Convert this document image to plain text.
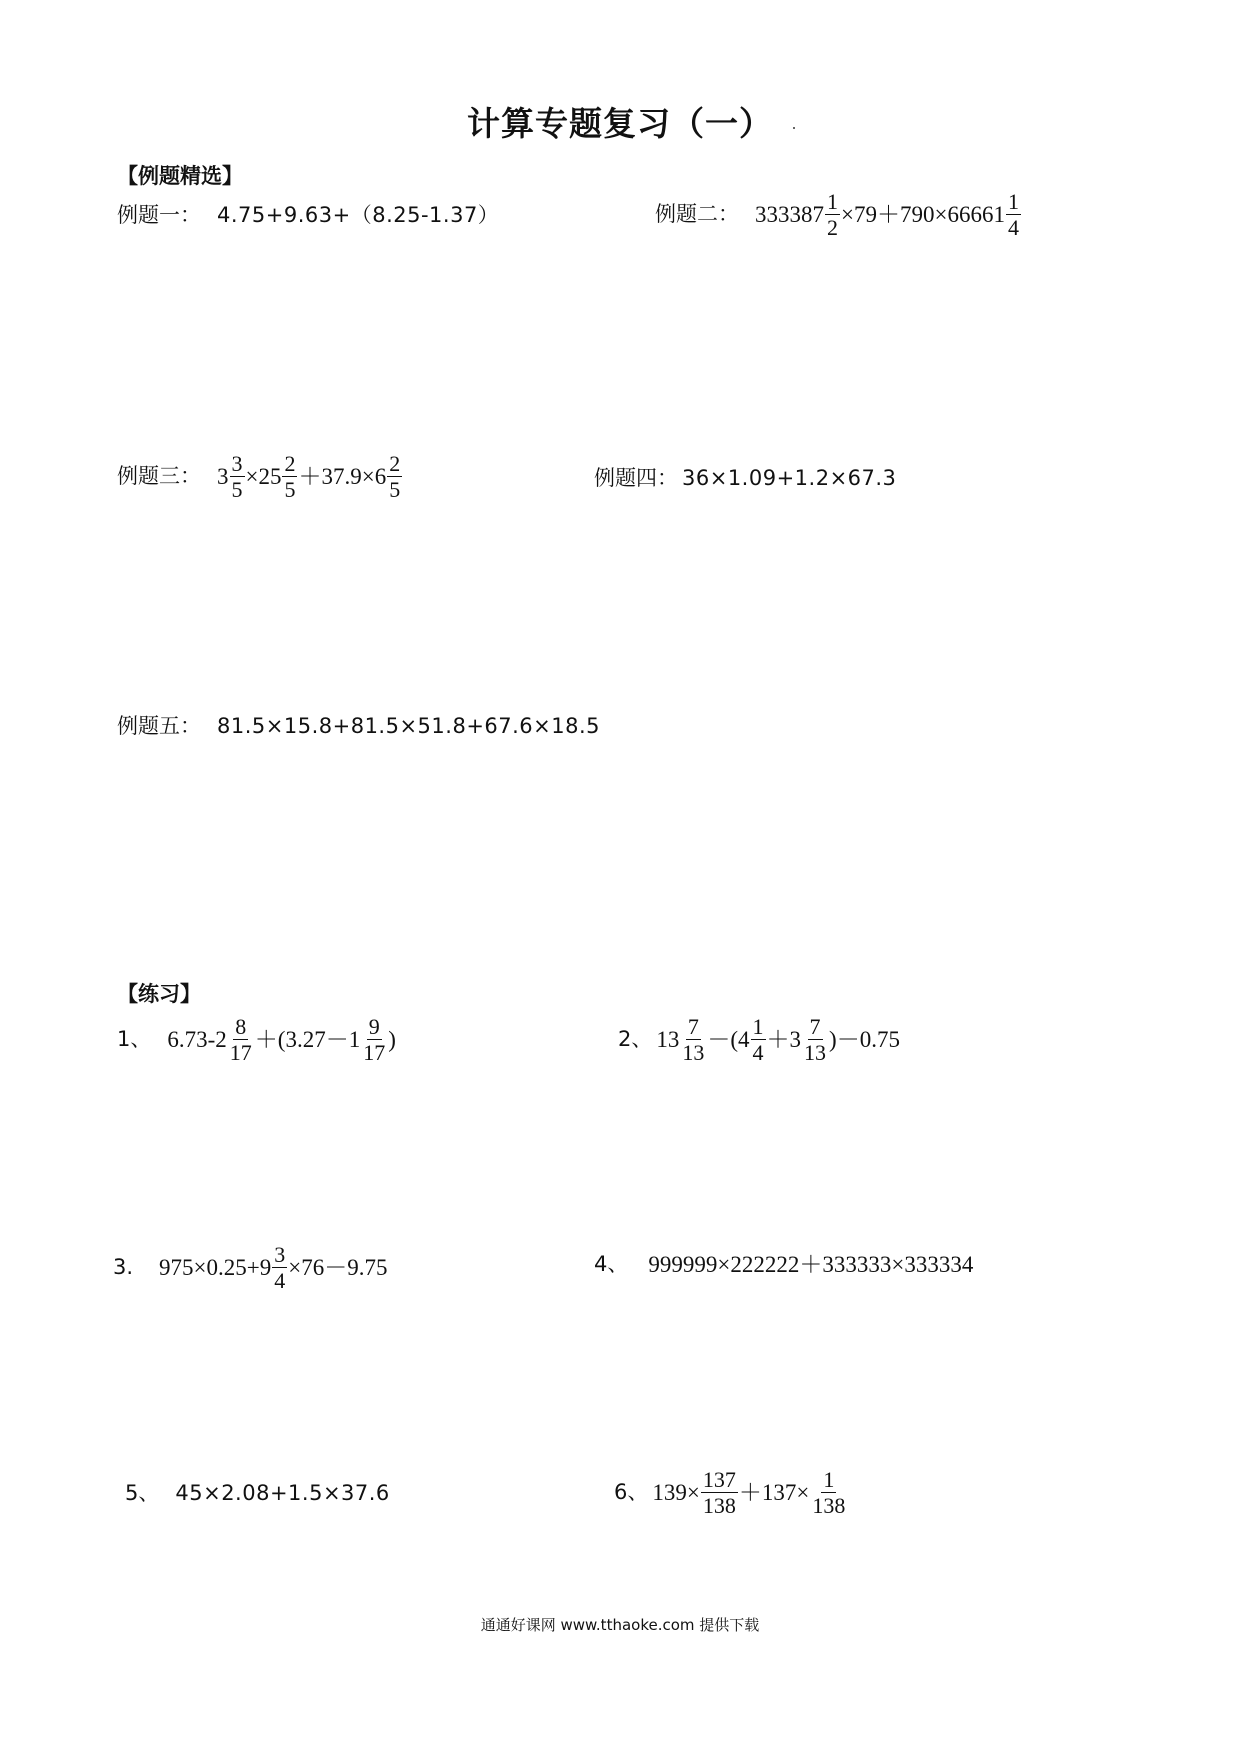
计算专题复习（一）
【例题精选】
例题一： 4.75+9.63+（8.25-1.37）	例题二： $333387 \frac{1}{2} \times 79+790\times 66661 \frac{1}{4}$
例题三： $3 \frac{3}{5} \times 25 \frac{2}{5} +37.9\times 6 \frac{2}{5}$	例题四： 36×1.09+1.2×67.3
例题五： 81.5×15.8+81.5×51.8+67.6×18.5
【练习】
1、 $6.73-2 \frac{8}{17} +(3.27-1 \frac{9}{17}$ )	2、 $13 \frac{7}{13} -(4 \frac{1}{4} +3 \frac{7}{13} )-0.75$
3. $975\times 0.25+9 \frac{3}{4} \times 76-9.75$	4、 999999×222222＋333333×333334
5、 45×2.08+1.5×37.6	6、 $139\times \frac{137}{138} +137\times \frac{1}{138}$
通通好课网 www.tthaoke.com 提供下载
